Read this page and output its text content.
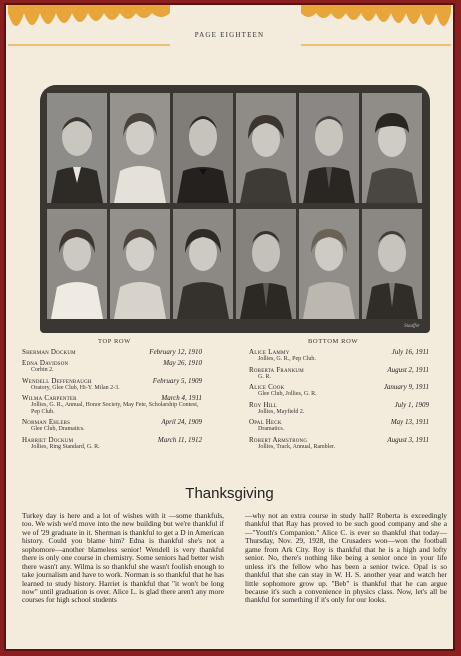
PAGE EIGHTEEN
Stauffer
TOP ROW	BOTTOM ROW
Sherman Dockum	February 12, 1910
Edna Davidson	May 26, 1910
Corbin 2.
Wendell Deffenbaugh	February 5, 1909
Oratory, Glee Club, Hi-Y. Milan 2-3.
Wilma Carpenter	March 4, 1911
Jollies, G. R., Annual, Honor Society, May Fete, Scholarship Contest, Pep Club.
Norman Ehlers	April 24, 1909
Glee Club, Dramatics.
Harriet Dockum	March 11, 1912
Jollies, Ring Standard, G. R.
Alice Lammy	July 16, 1911
Jollies, G. R., Pep Club.
Roberta Frankum	August 2, 1911
G. R.
Alice Cook	January 9, 1911
Glee Club, Jollies, G. R.
Roy Hill	July 1, 1909
Jollies, Mayfield 2.
Opal Heck	May 13, 1911
Dramatics.
Robert Armstrong	August 3, 1911
Jollies, Track, Annual, Rambler.
Thanksgiving
Turkey day is here and a lot of wishes with it —some thankfuls, too. We wish we'd move into the new building but we're thankful if we of '29 graduate in it. Sherman is thankful to get a D in American history. Could you blame him? Edna is thankful she's not a sophomore—another blameless senior! Wendell is very thankful there is only one course in chemistry. Some seniors had better wish there wasn't any. Wilma is so thankful she wasn't foolish enough to take journalism and have to work. Norman is so thankful that he has learned to study history. Harriet is thankful that "it won't be long now" until graduation is over. Alice L. is glad there aren't any more courses for high school students
—why not an extra course in study hall? Roberta is exceedingly thankful that Ray has proved to be such good company and she a—"Youth's Companion." Alice C. is ever so thankful that today—Thursday, Nov. 29, 1928, the Crusaders won—won the football game from Ark City. Roy is thankful that he is a high and lofty senior. No, there's nothing like being a senior once in your life unless it's the fellow who has been a senior twice. Opal is so thankful that she can stay in W. H. S. another year and watch her little sophomore grow up. "Beb" is thankful that he can argue because it's such a convenience in physics class. Now, let's all be thankful for something if it's only for our looks.
